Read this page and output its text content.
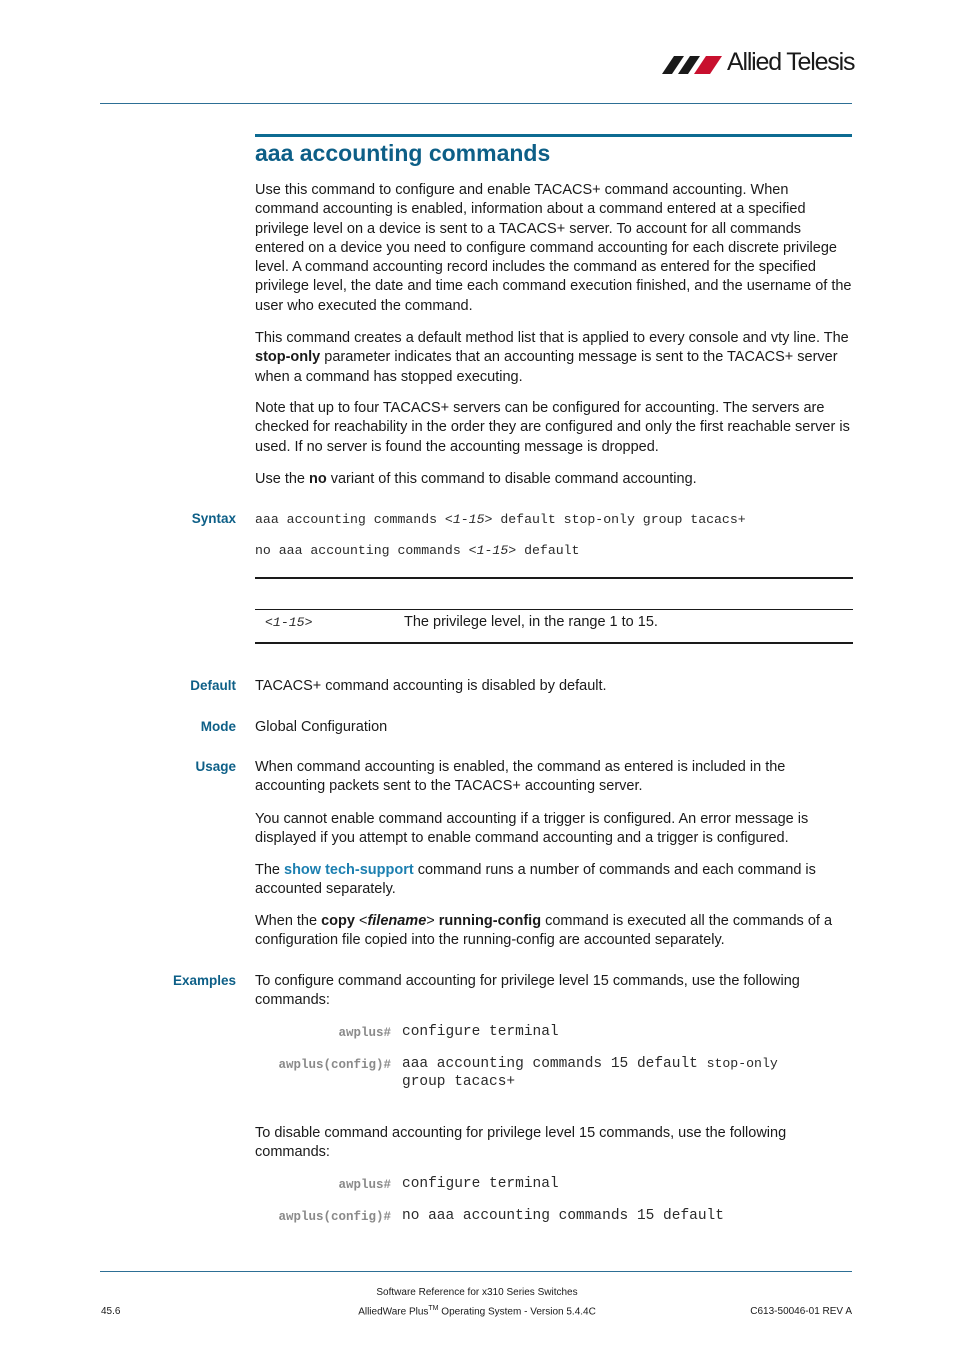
Allied Telesis
aaa accounting commands

Use this command to configure and enable TACACS+ command accounting. When command accounting is enabled, information about a command entered at a specified privilege level on a device is sent to a TACACS+ server. To account for all commands entered on a device you need to configure command accounting for each discrete privilege level. A command accounting record includes the command as entered for the specified privilege level, the date and time each command execution finished, and the username of the user who executed the command.

This command creates a default method list that is applied to every console and vty line. The stop-only parameter indicates that an accounting message is sent to the TACACS+ server when a command has stopped executing.

Note that up to four TACACS+ servers can be configured for accounting. The servers are checked for reachability in the order they are configured and only the first reachable server is used. If no server is found the accounting message is dropped.

Use the no variant of this command to disable command accounting.

Syntax aaa accounting commands <1-15> default stop-only group tacacs+
no aaa accounting commands <1-15> default
<1-15>	The privilege level, in the range 1 to 15.
Default TACACS+ command accounting is disabled by default.

Mode Global Configuration

Usage When command accounting is enabled, the command as entered is included in the accounting packets sent to the TACACS+ accounting server.

You cannot enable command accounting if a trigger is configured. An error message is displayed if you attempt to enable command accounting and a trigger is configured.

The show tech-support command runs a number of commands and each command is accounted separately.

When the copy <filename> running-config command is executed all the commands of a configuration file copied into the running-config are accounted separately.

Examples To configure command accounting for privilege level 15 commands, use the following commands:

awplus# configure terminal
awplus(config)# aaa accounting commands 15 default stop-only
group tacacs+

To disable command accounting for privilege level 15 commands, use the following commands:

awplus# configure terminal
awplus(config)# no aaa accounting commands 15 default
Software Reference for x310 Series Switches
AlliedWare Plus™ Operating System - Version 5.4.4C
45.6	C613-50046-01 REV A
